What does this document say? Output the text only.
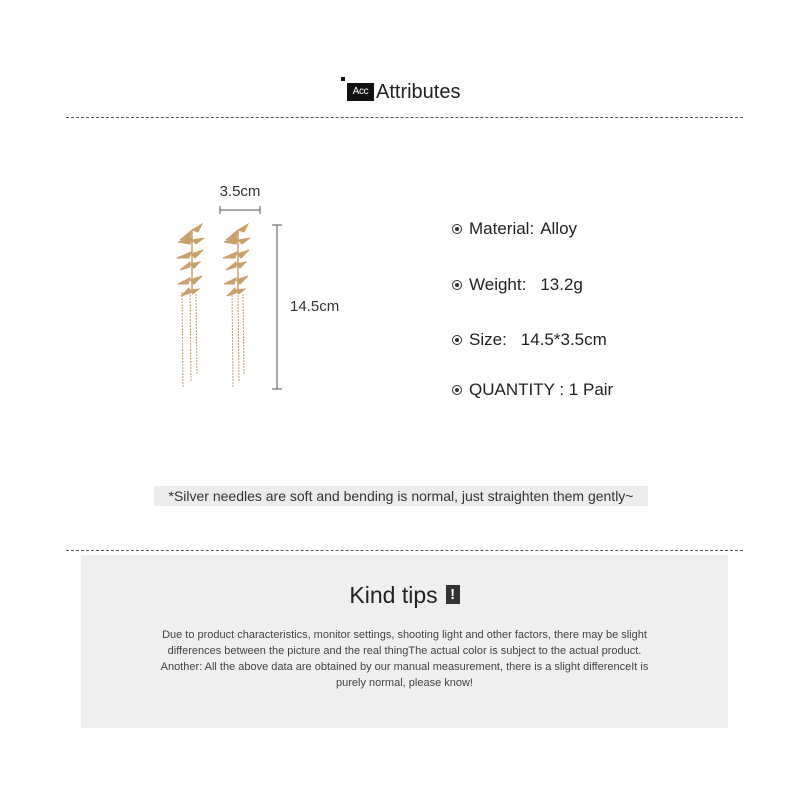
Acc Attributes
3.5cm
14.5cm
Material: Alloy
Weight: 13.2g
Size: 14.5*3.5cm
QUANTITY : 1 Pair
*Silver needles are soft and bending is normal, just straighten them gently~
Kind tips !
Due to product characteristics, monitor settings, shooting light and other factors, there may be slight
differences between the picture and the real thingThe actual color is subject to the actual product.
Another: All the above data are obtained by our manual measurement, there is a slight differenceIt is
purely normal, please know!
